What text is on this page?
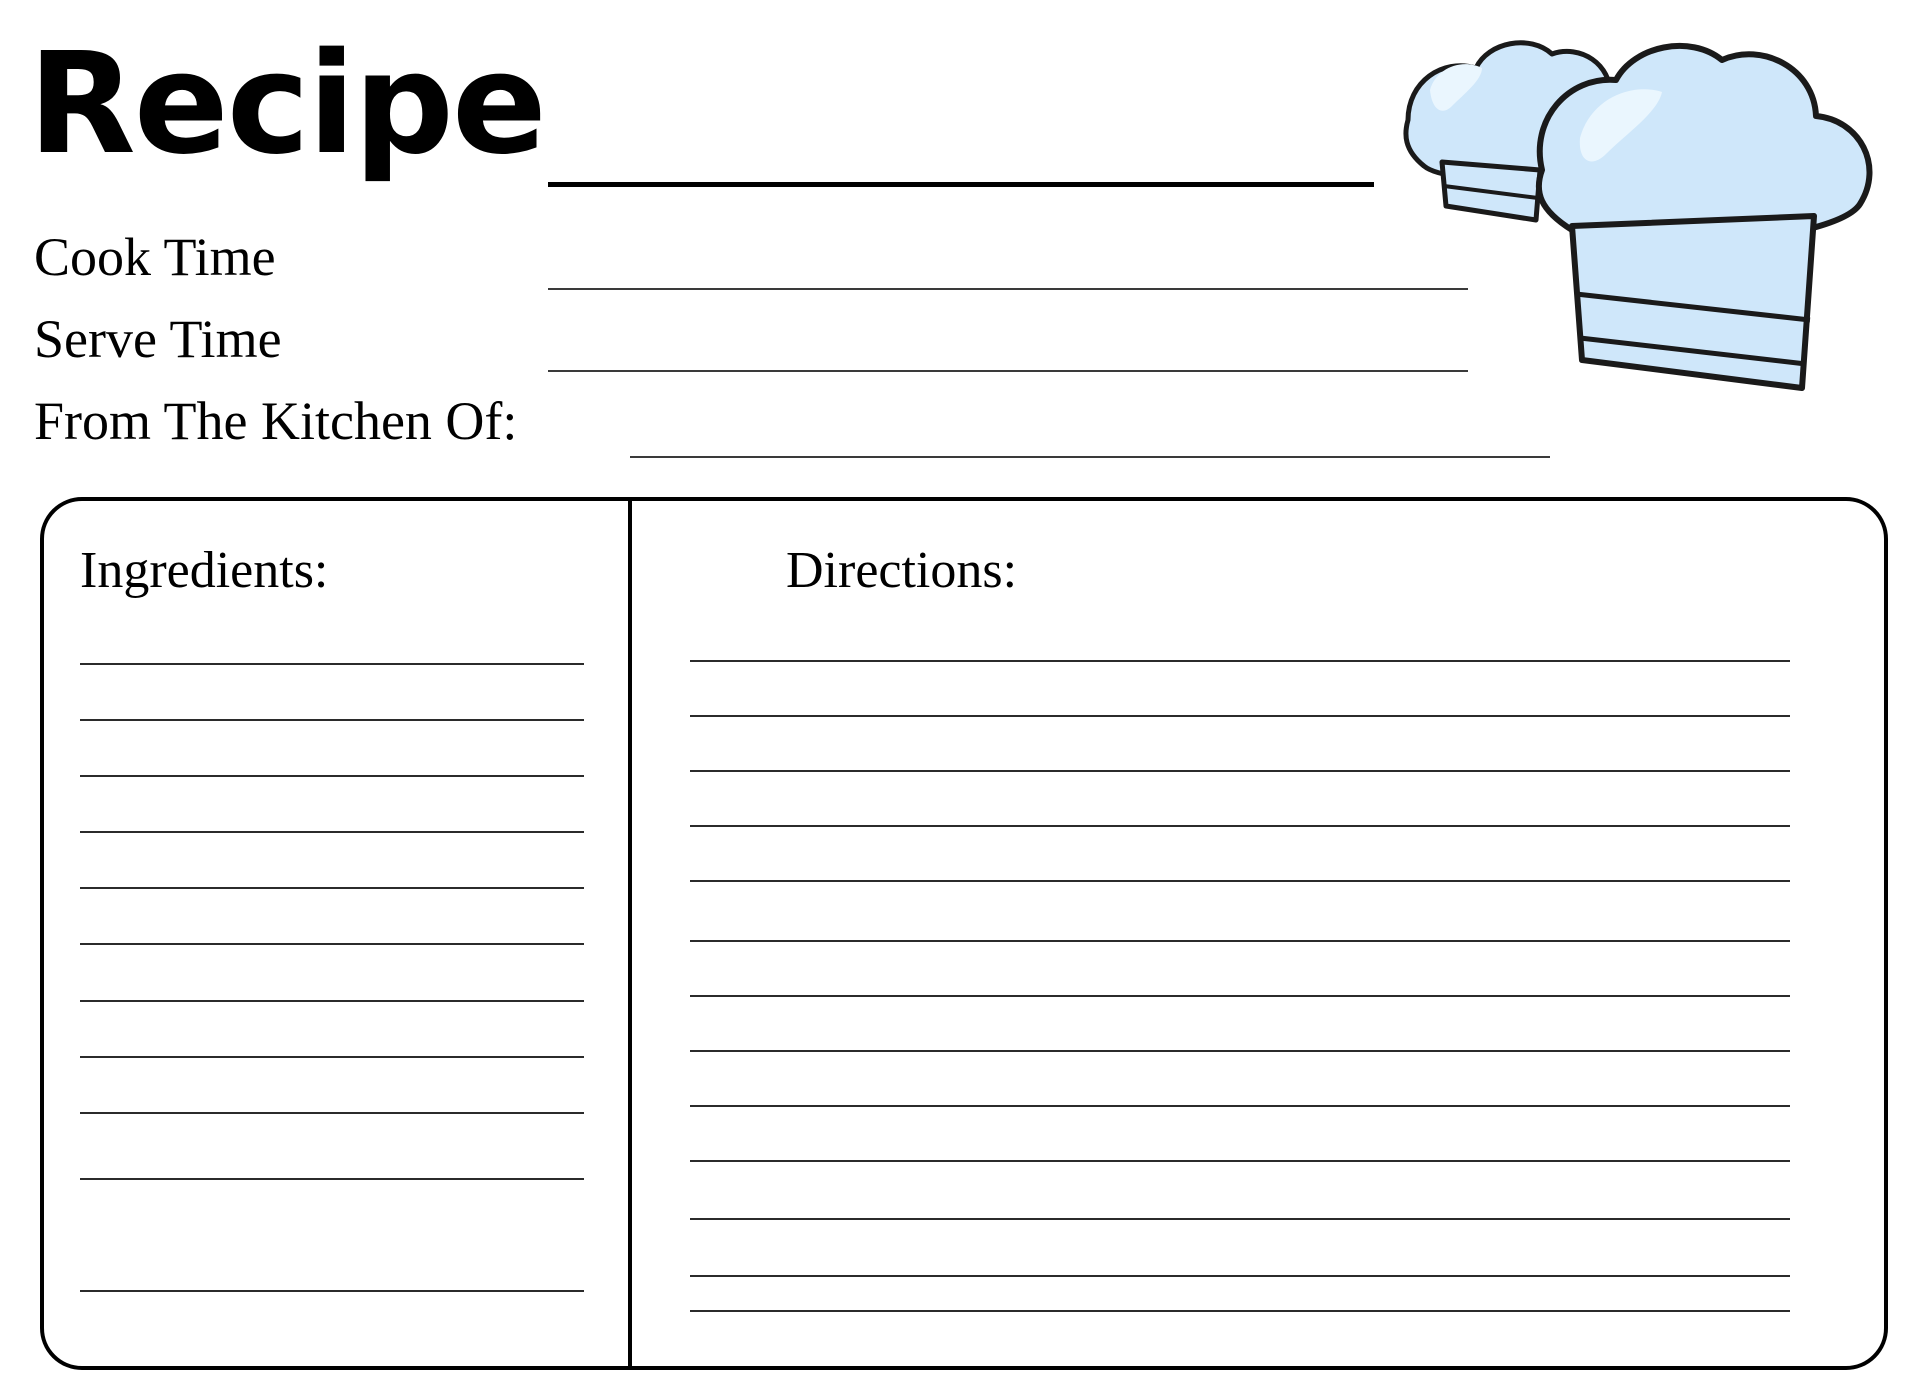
Recipe
Cook Time
Serve Time
From The Kitchen Of:
Ingredients:	Directions:
